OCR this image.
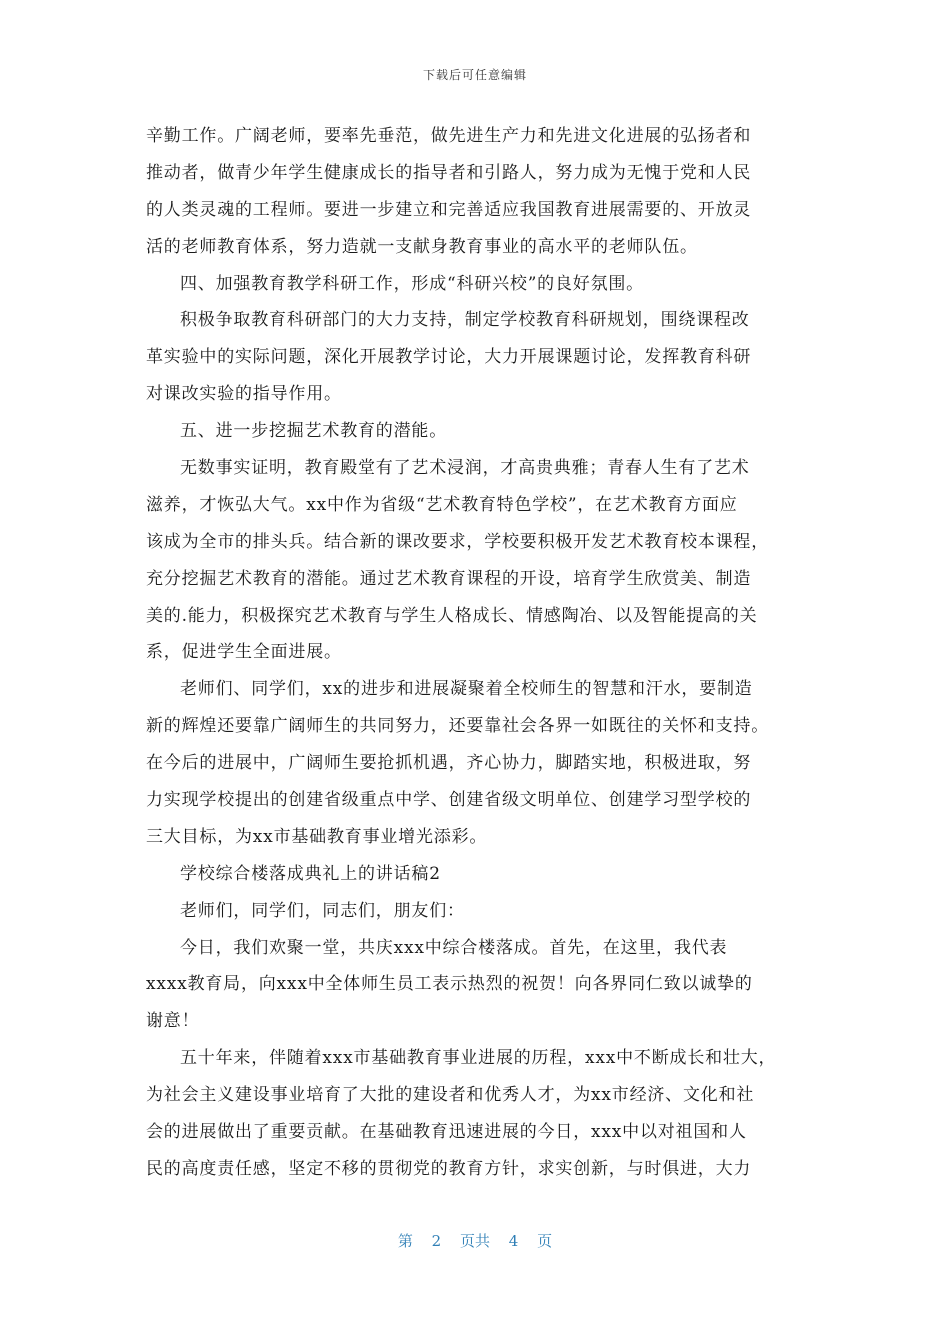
下载后可任意编辑
辛勤工作。广阔老师，要率先垂范，做先进生产力和先进文化进展的弘扬者和
推动者，做青少年学生健康成长的指导者和引路人，努力成为无愧于党和人民
的人类灵魂的工程师。要进一步建立和完善适应我国教育进展需要的、开放灵
活的老师教育体系，努力造就一支献身教育事业的高水平的老师队伍。
四、加强教育教学科研工作，形成“科研兴校”的良好氛围。
积极争取教育科研部门的大力支持，制定学校教育科研规划，围绕课程改
革实验中的实际问题，深化开展教学讨论，大力开展课题讨论，发挥教育科研
对课改实验的指导作用。
五、进一步挖掘艺术教育的潜能。
无数事实证明，教育殿堂有了艺术浸润，才高贵典雅；青春人生有了艺术
滋养，才恢弘大气。xx中作为省级“艺术教育特色学校”，在艺术教育方面应
该成为全市的排头兵。结合新的课改要求，学校要积极开发艺术教育校本课程，
充分挖掘艺术教育的潜能。通过艺术教育课程的开设，培育学生欣赏美、制造
美的.能力，积极探究艺术教育与学生人格成长、情感陶冶、以及智能提高的关
系，促进学生全面进展。
老师们、同学们，xx的进步和进展凝聚着全校师生的智慧和汗水，要制造
新的辉煌还要靠广阔师生的共同努力，还要靠社会各界一如既往的关怀和支持。
在今后的进展中，广阔师生要抢抓机遇，齐心协力，脚踏实地，积极进取，努
力实现学校提出的创建省级重点中学、创建省级文明单位、创建学习型学校的
三大目标，为xx市基础教育事业增光添彩。
学校综合楼落成典礼上的讲话稿2
老师们，同学们，同志们，朋友们：
今日，我们欢聚一堂，共庆xxx中综合楼落成。首先，在这里，我代表
xxxx教育局，向xxx中全体师生员工表示热烈的祝贺！向各界同仁致以诚挚的
谢意！
五十年来，伴随着xxx市基础教育事业进展的历程，xxx中不断成长和壮大，
为社会主义建设事业培育了大批的建设者和优秀人才，为xx市经济、文化和社
会的进展做出了重要贡献。在基础教育迅速进展的今日，xxx中以对祖国和人
民的高度责任感，坚定不移的贯彻党的教育方针，求实创新，与时俱进，大力
第 2 页共 4 页
